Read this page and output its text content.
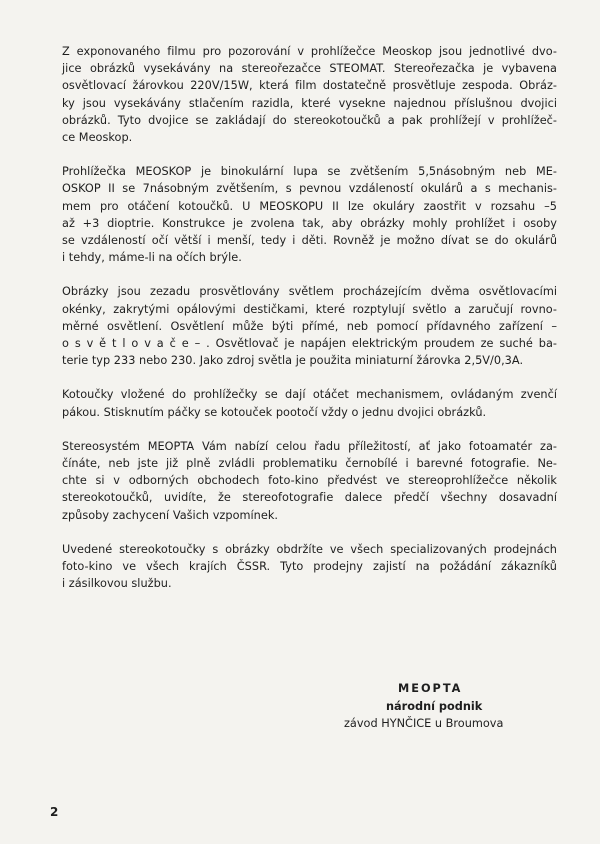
Z exponovaného filmu pro pozorování v prohlížečce Meoskop jsou jednotlivé dvo-
jice obrázků vysekávány na stereořezačce STEOMAT. Stereořezačka je vybavena
osvětlovací žárovkou 220V/15W, která film dostatečně prosvětluje zespoda. Obráz-
ky jsou vysekávány stlačením razidla, které vysekne najednou příslušnou dvojici
obrázků. Tyto dvojice se zakládají do stereokotoučků a pak prohlížejí v prohlížeč-
ce Meoskop.

Prohlížečka MEOSKOP je binokulární lupa se zvětšením 5,5násobným neb ME-
OSKOP II se 7násobným zvětšením, s pevnou vzdáleností okulárů a s mechanis-
mem pro otáčení kotoučků. U MEOSKOPU II lze okuláry zaostřit v rozsahu –5
až +3 dioptrie. Konstrukce je zvolena tak, aby obrázky mohly prohlížet i osoby
se vzdáleností očí větší i menší, tedy i děti. Rovněž je možno dívat se do okulárů
i tehdy, máme-li na očích brýle.

Obrázky jsou zezadu prosvětlovány světlem procházejícím dvěma osvětlovacími
okénky, zakrytými opálovými destičkami, které rozptylují světlo a zaručují rovno-
měrné osvětlení. Osvětlení může býti přímé, neb pomocí přídavného zařízení –
o s v ě t l o v a č e – . Osvětlovač je napájen elektrickým proudem ze suché ba-
terie typ 233 nebo 230. Jako zdroj světla je použita miniaturní žárovka 2,5V/0,3A.

Kotoučky vložené do prohlížečky se dají otáčet mechanismem, ovládaným zvenčí
pákou. Stisknutím páčky se kotouček pootočí vždy o jednu dvojici obrázků.

Stereosystém MEOPTA Vám nabízí celou řadu příležitostí, ať jako fotoamatér za-
čínáte, neb jste již plně zvládli problematiku černobílé i barevné fotografie. Ne-
chte si v odborných obchodech foto-kino předvést ve stereoprohlížečce několik
stereokotoučků, uvidíte, že stereofotografie dalece předčí všechny dosavadní
způsoby zachycení Vašich vzpomínek.

Uvedené stereokotoučky s obrázky obdržíte ve všech specializovaných prodejnách
foto-kino ve všech krajích ČSSR. Tyto prodejny zajistí na požádání zákazníků
i zásilkovou službu.

MEOPTA
národní podnik
závod HYNČICE u Broumova
2
